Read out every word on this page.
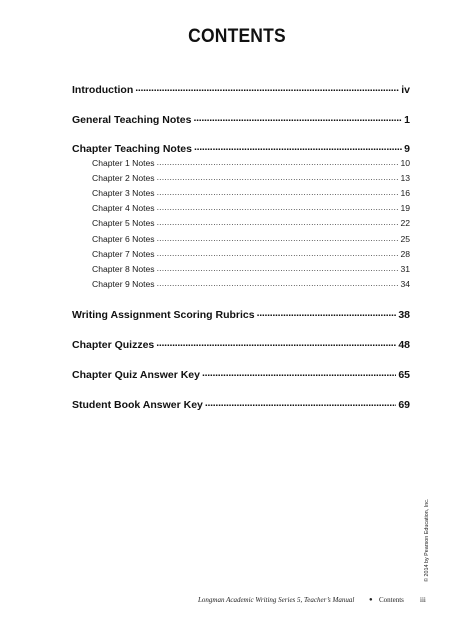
CONTENTS
Introduction . . .	iv
General Teaching Notes . . .	1
Chapter Teaching Notes . . .	9
Chapter 1 Notes . . .	10
Chapter 2 Notes . . .	13
Chapter 3 Notes . . .	16
Chapter 4 Notes . . .	19
Chapter 5 Notes . . .	22
Chapter 6 Notes . . .	25
Chapter 7 Notes . . .	28
Chapter 8 Notes . . .	31
Chapter 9 Notes . . .	34
Writing Assignment Scoring Rubrics . . .	38
Chapter Quizzes . . .	48
Chapter Quiz Answer Key . . .	65
Student Book Answer Key . . .	69
© 2014 by Pearson Education, Inc.
Longman Academic Writing Series 5, Teacher’s Manual ● Contents iii
